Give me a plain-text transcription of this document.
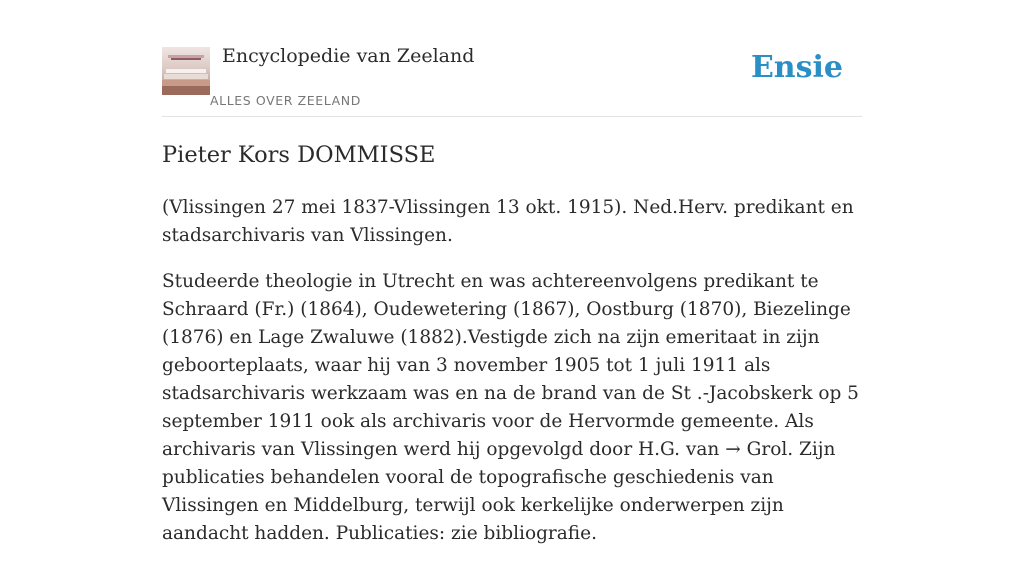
Encyclopedie van Zeeland
ALLES OVER ZEELAND
Ensie
Pieter Kors DOMMISSE

(Vlissingen 27 mei 1837-Vlissingen 13 okt. 1915). Ned.Herv. predikant en stadsarchivaris van Vlissingen.

Studeerde theologie in Utrecht en was achtereenvolgens predikant te Schraard (Fr.) (1864), Oudewetering (1867), Oostburg (1870), Biezelinge (1876) en Lage Zwaluwe (1882).Vestigde zich na zijn emeritaat in zijn geboorteplaats, waar hij van 3 november 1905 tot 1 juli 1911 als stadsarchivaris werkzaam was en na de brand van de St .-Jacobskerk op 5 september 1911 ook als archivaris voor de Hervormde gemeente. Als archivaris van Vlissingen werd hij opgevolgd door H.G. van → Grol. Zijn publicaties behandelen vooral de topografische geschiedenis van Vlissingen en Middelburg, terwijl ook kerkelijke onderwerpen zijn aandacht hadden. Publicaties: zie bibliografie.
